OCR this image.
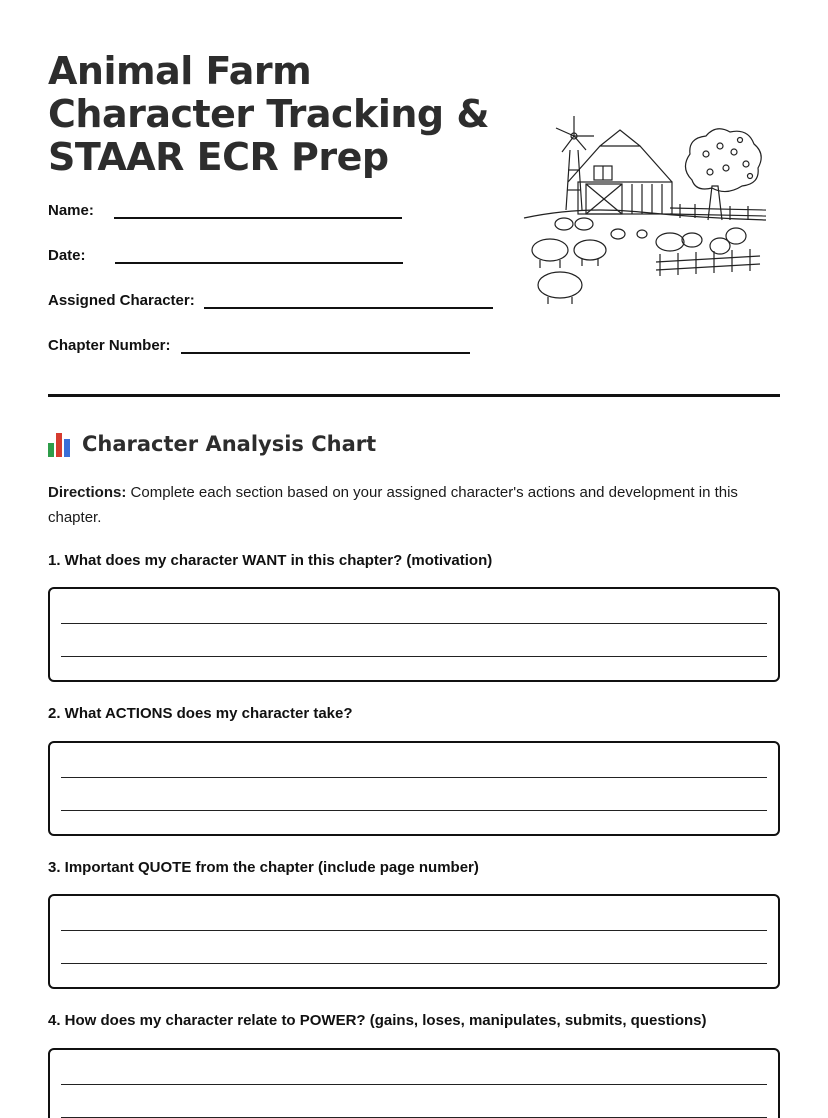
Animal Farm Character Tracking & STAAR ECR Prep
Name:
Date:
Assigned Character:
Chapter Number:
Character Analysis Chart

Directions: Complete each section based on your assigned character's actions and development in this chapter.

1. What does my character WANT in this chapter? (motivation)
2. What ACTIONS does my character take?
3. Important QUOTE from the chapter (include page number)
4. How does my character relate to POWER? (gains, loses, manipulates, submits, questions)
